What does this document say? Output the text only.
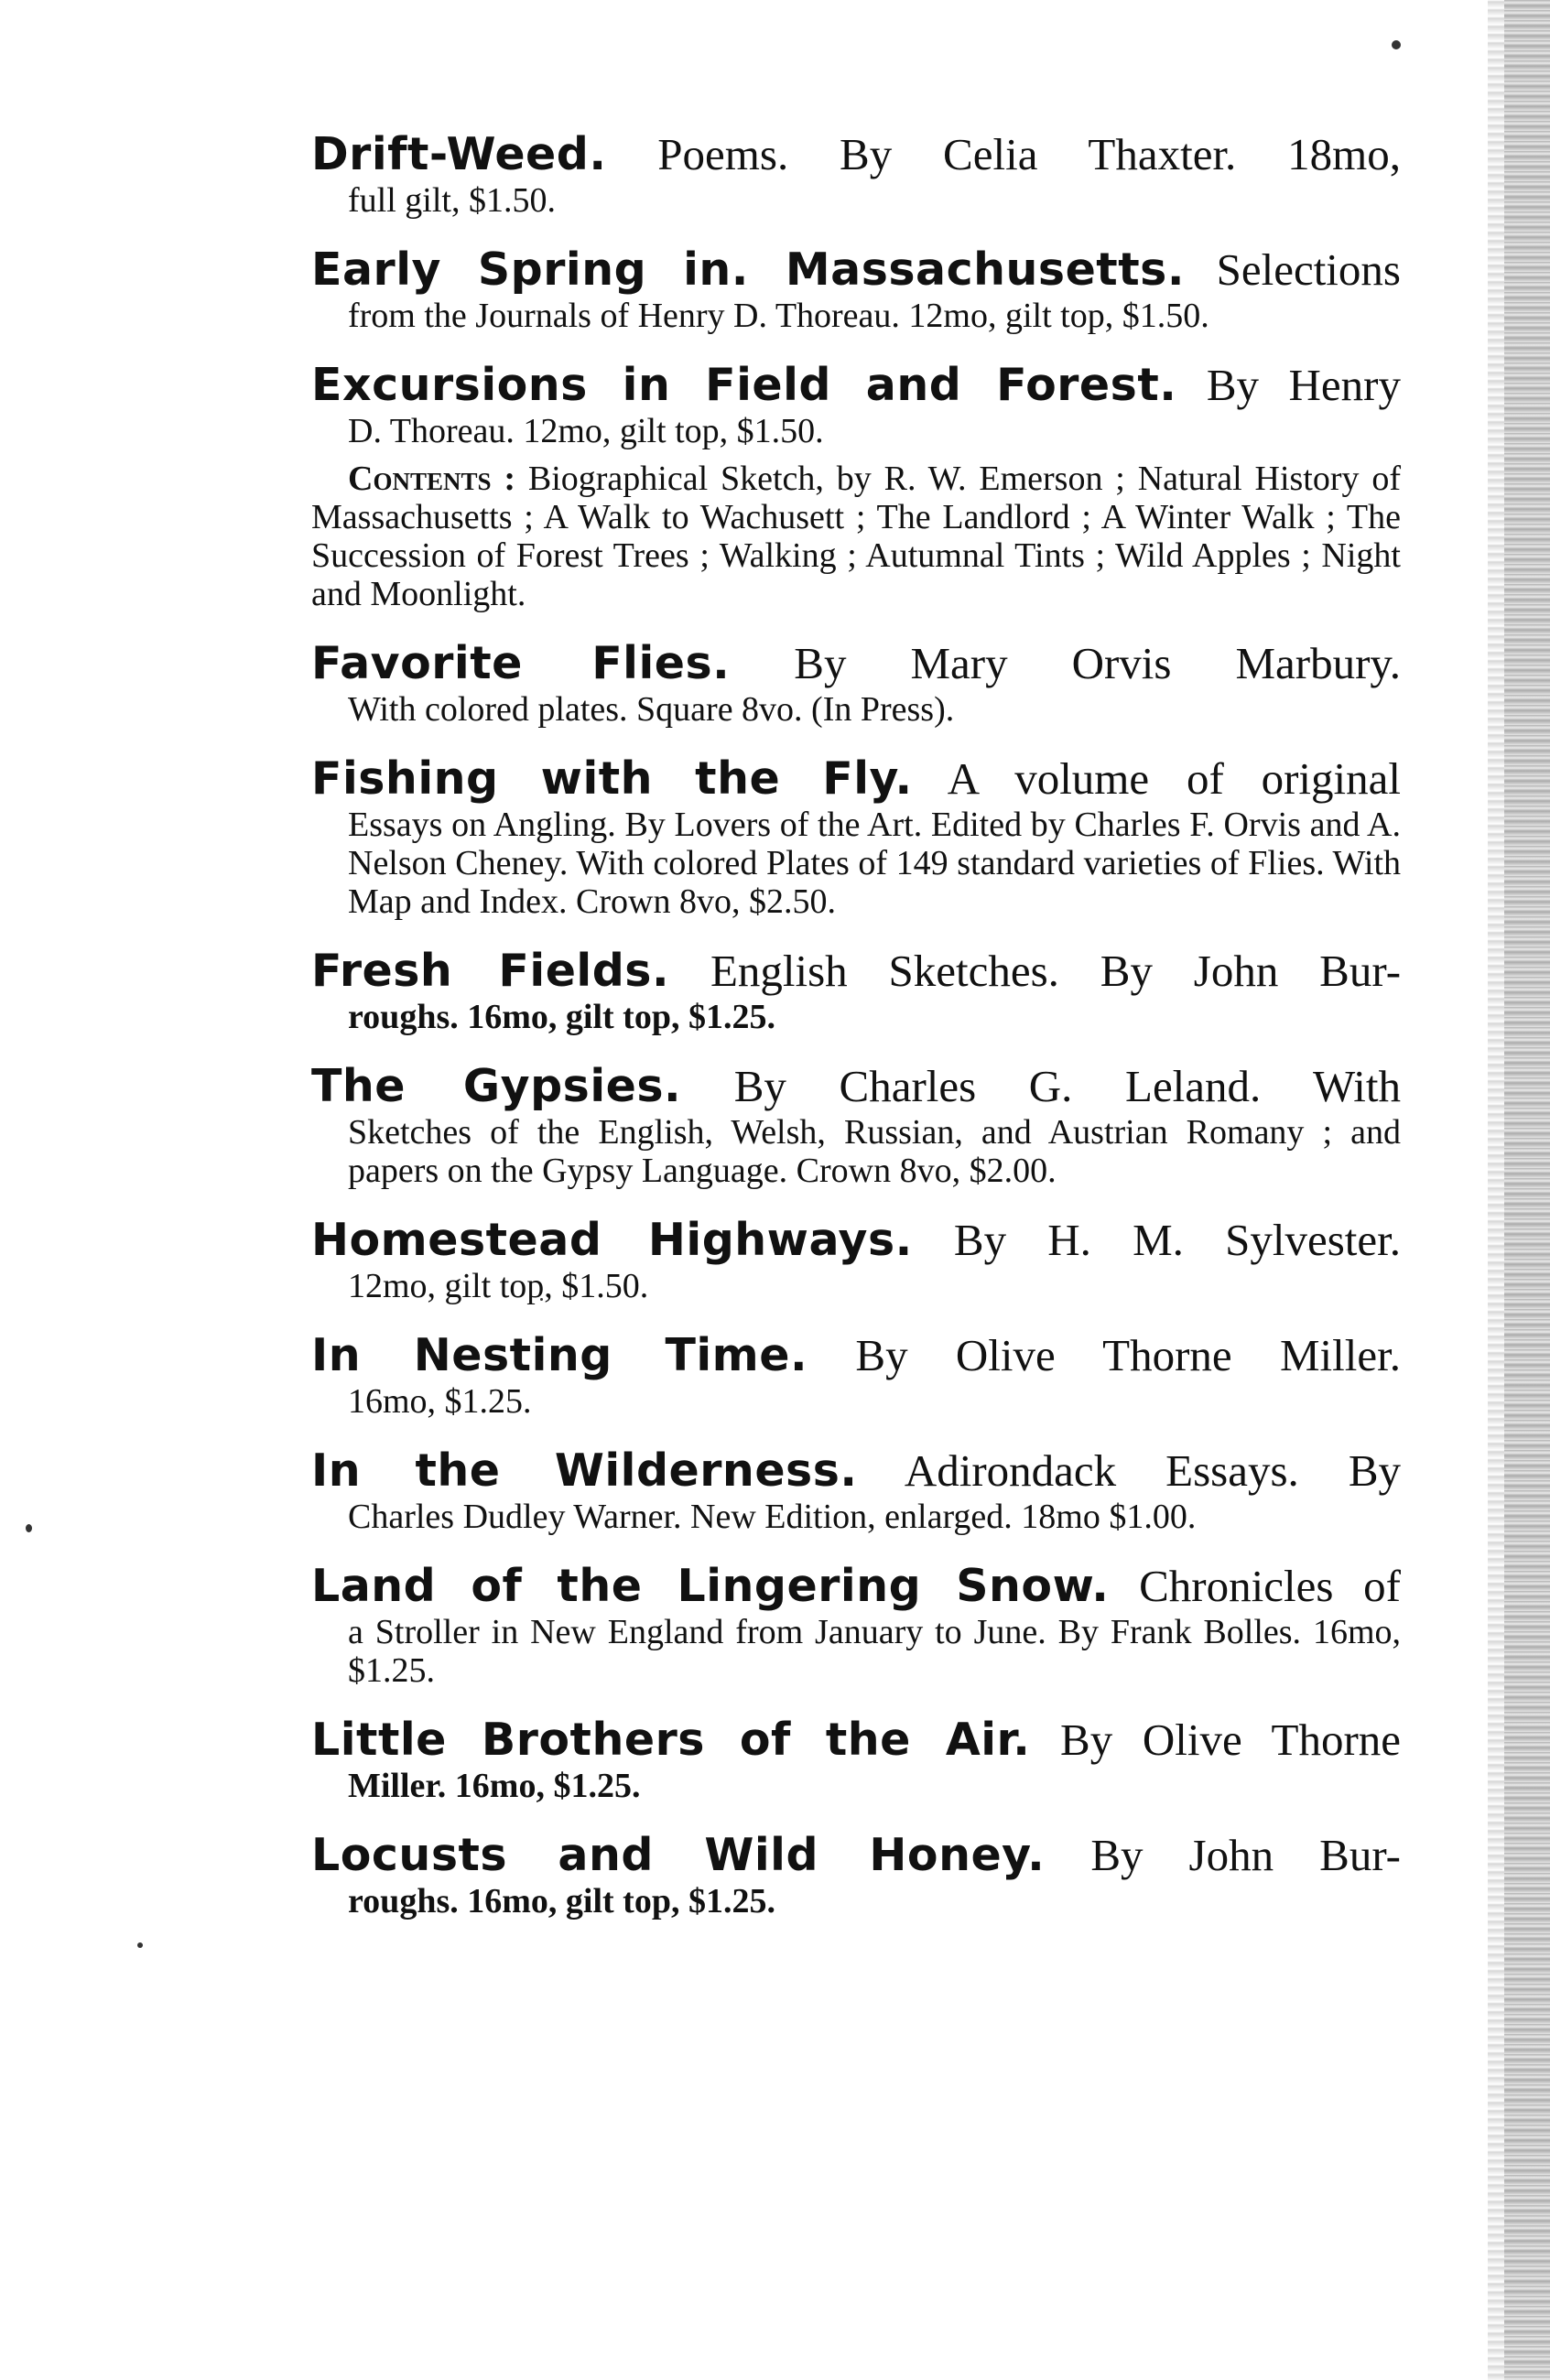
Drift-Weed. Poems. By Celia Thaxter. 18mo,

full gilt, $1.50.

Early Spring in. Massachusetts. Selections

from the Journals of Henry D. Thoreau. 12mo, gilt top, $1.50.

Excursions in Field and Forest. By Henry

D. Thoreau. 12mo, gilt top, $1.50.

Contents : Biographical Sketch, by R. W. Emerson ; Natural History of Massachusetts ; A Walk to Wachusett ; The Landlord ; A Winter Walk ; The Succession of Forest Trees ; Walking ; Autumnal Tints ; Wild Apples ; Night and Moonlight.

Favorite Flies. By Mary Orvis Marbury.

With colored plates. Square 8vo. (In Press).

Fishing with the Fly. A volume of original

Essays on Angling. By Lovers of the Art. Edited by Charles F. Orvis and A. Nelson Cheney. With colored Plates of 149 standard varieties of Flies. With Map and Index. Crown 8vo, $2.50.

Fresh Fields. English Sketches. By John Bur-

roughs. 16mo, gilt top, $1.25.

The Gypsies. By Charles G. Leland. With

Sketches of the English, Welsh, Russian, and Austrian Romany ; and papers on the Gypsy Language. Crown 8vo, $2.00.

Homestead Highways. By H. M. Sylvester.

12mo, gilt top, $1.50.

In Nesting Time. By Olive Thorne Miller.

16mo, $1.25.

In the Wilderness. Adirondack Essays. By

Charles Dudley Warner. New Edition, enlarged. 18mo $1.00.

Land of the Lingering Snow. Chronicles of

a Stroller in New England from January to June. By Frank Bolles. 16mo, $1.25.

Little Brothers of the Air. By Olive Thorne

Miller. 16mo, $1.25.

Locusts and Wild Honey. By John Bur-

roughs. 16mo, gilt top, $1.25.
